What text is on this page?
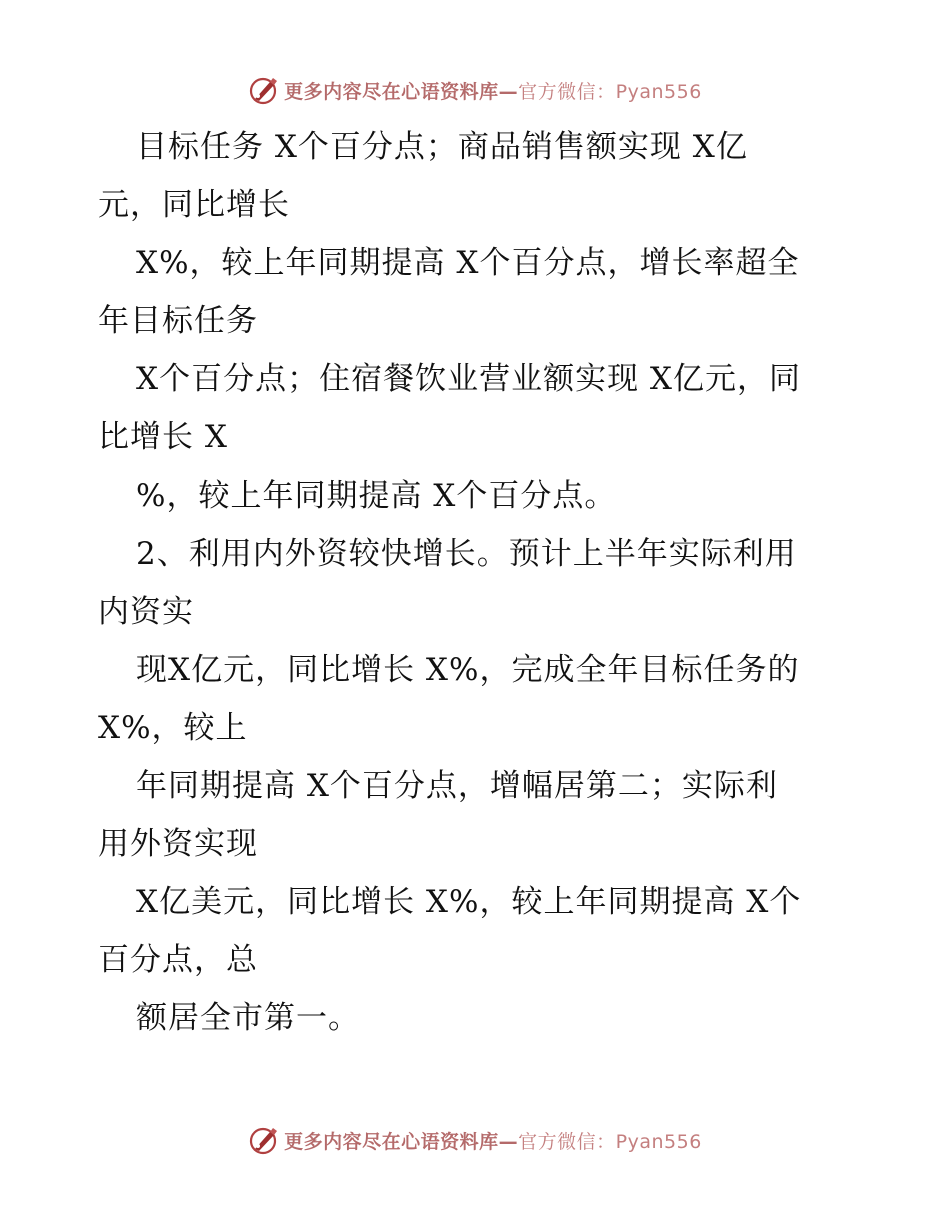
更多内容尽在心语资料库—官方微信：Pyan556
目标任务 X个百分点；商品销售额实现 X亿
元，同比增长
X%，较上年同期提高 X个百分点，增长率超全
年目标任务
X个百分点；住宿餐饮业营业额实现 X亿元，同
比增长 X
%，较上年同期提高 X个百分点。
2、利用内外资较快增长。预计上半年实际利用
内资实
现X亿元，同比增长 X%，完成全年目标任务的
X%，较上
年同期提高 X个百分点，增幅居第二；实际利
用外资实现
X亿美元，同比增长 X%，较上年同期提高 X个
百分点，总
额居全市第一。
更多内容尽在心语资料库—官方微信：Pyan556
